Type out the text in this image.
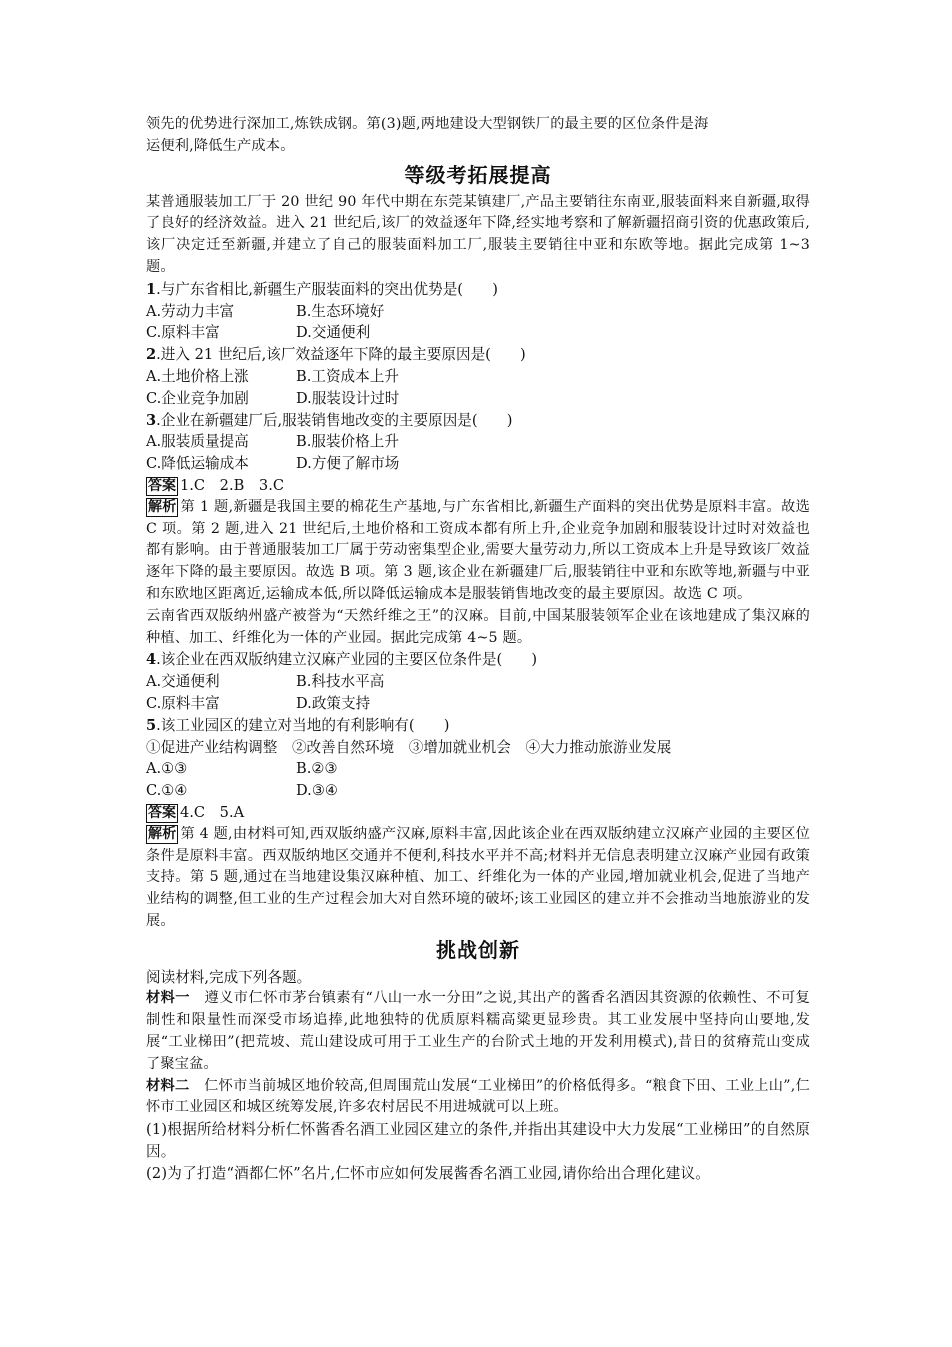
领先的优势进行深加工,炼铁成钢。第(3)题,两地建设大型钢铁厂的最主要的区位条件是海
运便利,降低生产成本。

等级考拓展提高

某普通服装加工厂于 20 世纪 90 年代中期在东莞某镇建厂,产品主要销往东南亚,服装面料来自新疆,取得了良好的经济效益。进入 21 世纪后,该厂的效益逐年下降,经实地考察和了解新疆招商引资的优惠政策后,该厂决定迁至新疆,并建立了自己的服装面料加工厂,服装主要销往中亚和东欧等地。据此完成第 1~3 题。

1.与广东省相比,新疆生产服装面料的突出优势是(　　)

A.劳动力丰富	B.生态环境好
C.原料丰富	D.交通便利

2.进入 21 世纪后,该厂效益逐年下降的最主要原因是(　　)

A.土地价格上涨	B.工资成本上升
C.企业竞争加剧	D.服装设计过时

3.企业在新疆建厂后,服装销售地改变的主要原因是(　　)

A.服装质量提高	B.服装价格上升
C.降低运输成本	D.方便了解市场

答案 1.C　2.B　3.C

解析 第 1 题,新疆是我国主要的棉花生产基地,与广东省相比,新疆生产面料的突出优势是原料丰富。故选 C 项。第 2 题,进入 21 世纪后,土地价格和工资成本都有所上升,企业竞争加剧和服装设计过时对效益也都有影响。由于普通服装加工厂属于劳动密集型企业,需要大量劳动力,所以工资成本上升是导致该厂效益逐年下降的最主要原因。故选 B 项。第 3 题,该企业在新疆建厂后,服装销往中亚和东欧等地,新疆与中亚和东欧地区距离近,运输成本低,所以降低运输成本是服装销售地改变的最主要原因。故选 C 项。

云南省西双版纳州盛产被誉为“天然纤维之王”的汉麻。目前,中国某服装领军企业在该地建成了集汉麻的种植、加工、纤维化为一体的产业园。据此完成第 4~5 题。

4.该企业在西双版纳建立汉麻产业园的主要区位条件是(　　)

A.交通便利	B.科技水平高
C.原料丰富	D.政策支持

5.该工业园区的建立对当地的有利影响有(　　)

①促进产业结构调整　②改善自然环境　③增加就业机会　④大力推动旅游业发展

A.①③	B.②③
C.①④	D.③④

答案 4.C　5.A

解析 第 4 题,由材料可知,西双版纳盛产汉麻,原料丰富,因此该企业在西双版纳建立汉麻产业园的主要区位条件是原料丰富。西双版纳地区交通并不便利,科技水平并不高;材料并无信息表明建立汉麻产业园有政策支持。第 5 题,通过在当地建设集汉麻种植、加工、纤维化为一体的产业园,增加就业机会,促进了当地产业结构的调整,但工业的生产过程会加大对自然环境的破坏;该工业园区的建立并不会推动当地旅游业的发展。

挑战创新

阅读材料,完成下列各题。

材料一　遵义市仁怀市茅台镇素有“八山一水一分田”之说,其出产的酱香名酒因其资源的依赖性、不可复制性和限量性而深受市场追捧,此地独特的优质原料糯高粱更显珍贵。其工业发展中坚持向山要地,发展“工业梯田”(把荒坡、荒山建设成可用于工业生产的台阶式土地的开发利用模式),昔日的贫瘠荒山变成了聚宝盆。

材料二　仁怀市当前城区地价较高,但周围荒山发展“工业梯田”的价格低得多。“粮食下田、工业上山”,仁怀市工业园区和城区统筹发展,许多农村居民不用进城就可以上班。

(1)根据所给材料分析仁怀酱香名酒工业园区建立的条件,并指出其建设中大力发展“工业梯田”的自然原因。

(2)为了打造“酒都仁怀”名片,仁怀市应如何发展酱香名酒工业园,请你给出合理化建议。
